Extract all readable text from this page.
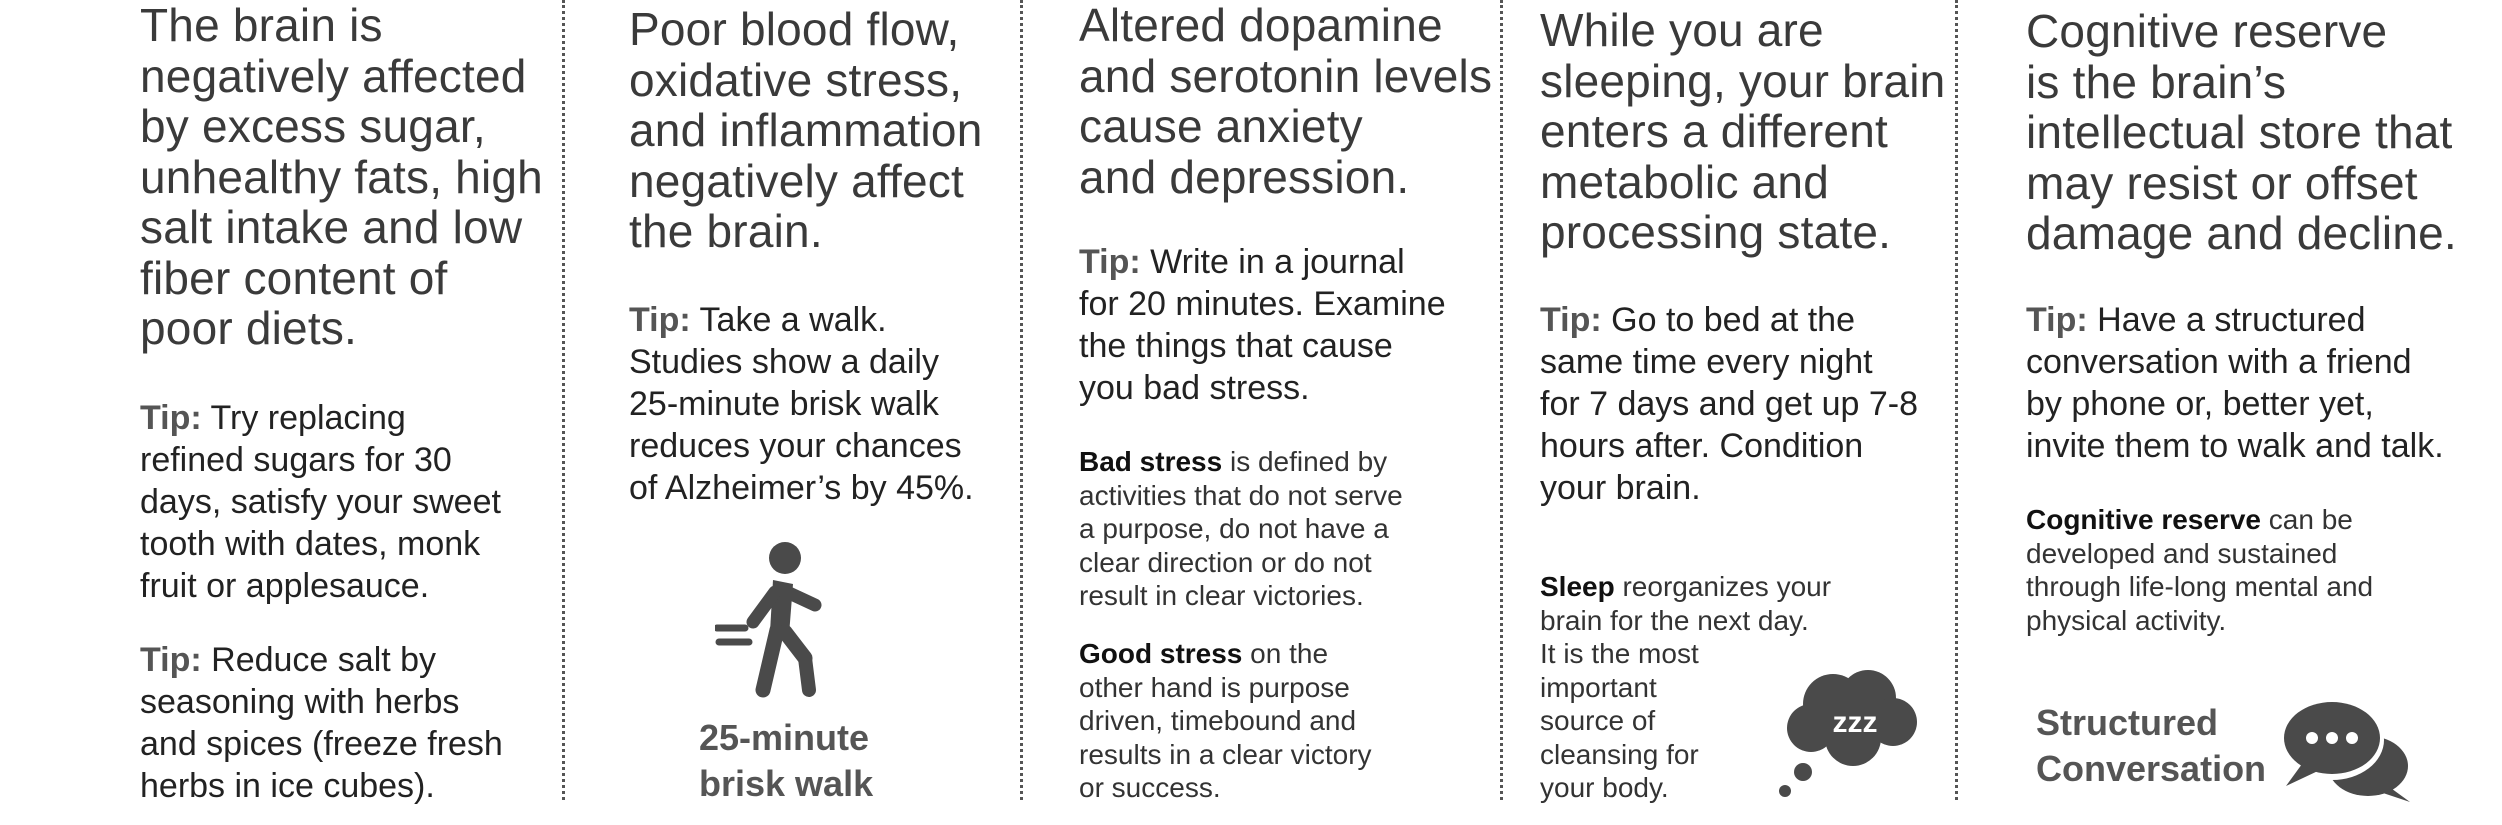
The brain is
negatively affected
by excess sugar,
unhealthy fats, high
salt intake and low
fiber content of
poor diets.

Tip: Try replacing
refined sugars for 30
days, satisfy your sweet
tooth with dates, monk
fruit or applesauce.

Tip: Reduce salt by
seasoning with herbs
and spices (freeze fresh
herbs in ice cubes).

Poor blood flow,
oxidative stress,
and inflammation
negatively affect
the brain.

Tip: Take a walk.
Studies show a daily
25-minute brisk walk
reduces your chances
of Alzheimer’s by 45%.

25-minute
brisk walk

Altered dopamine
and serotonin levels
cause anxiety
and depression.

Tip: Write in a journal
for 20 minutes. Examine
the things that cause
you bad stress.

Bad stress is defined by
activities that do not serve
a purpose, do not have a
clear direction or do not
result in clear victories.

Good stress on the
other hand is purpose
driven, timebound and
results in a clear victory
or success.

While you are
sleeping, your brain
enters a different
metabolic and
processing state.

Tip: Go to bed at the
same time every night
for 7 days and get up 7-8
hours after. Condition
your brain.

Sleep reorganizes your
brain for the next day.
It is the most
important
source of
cleansing for
your body.

zzz

Cognitive reserve
is the brain’s
intellectual store that
may resist or offset
damage and decline.

Tip: Have a structured
conversation with a friend
by phone or, better yet,
invite them to walk and talk.

Cognitive reserve can be
developed and sustained
through life-long mental and
physical activity.

Structured
Conversation
